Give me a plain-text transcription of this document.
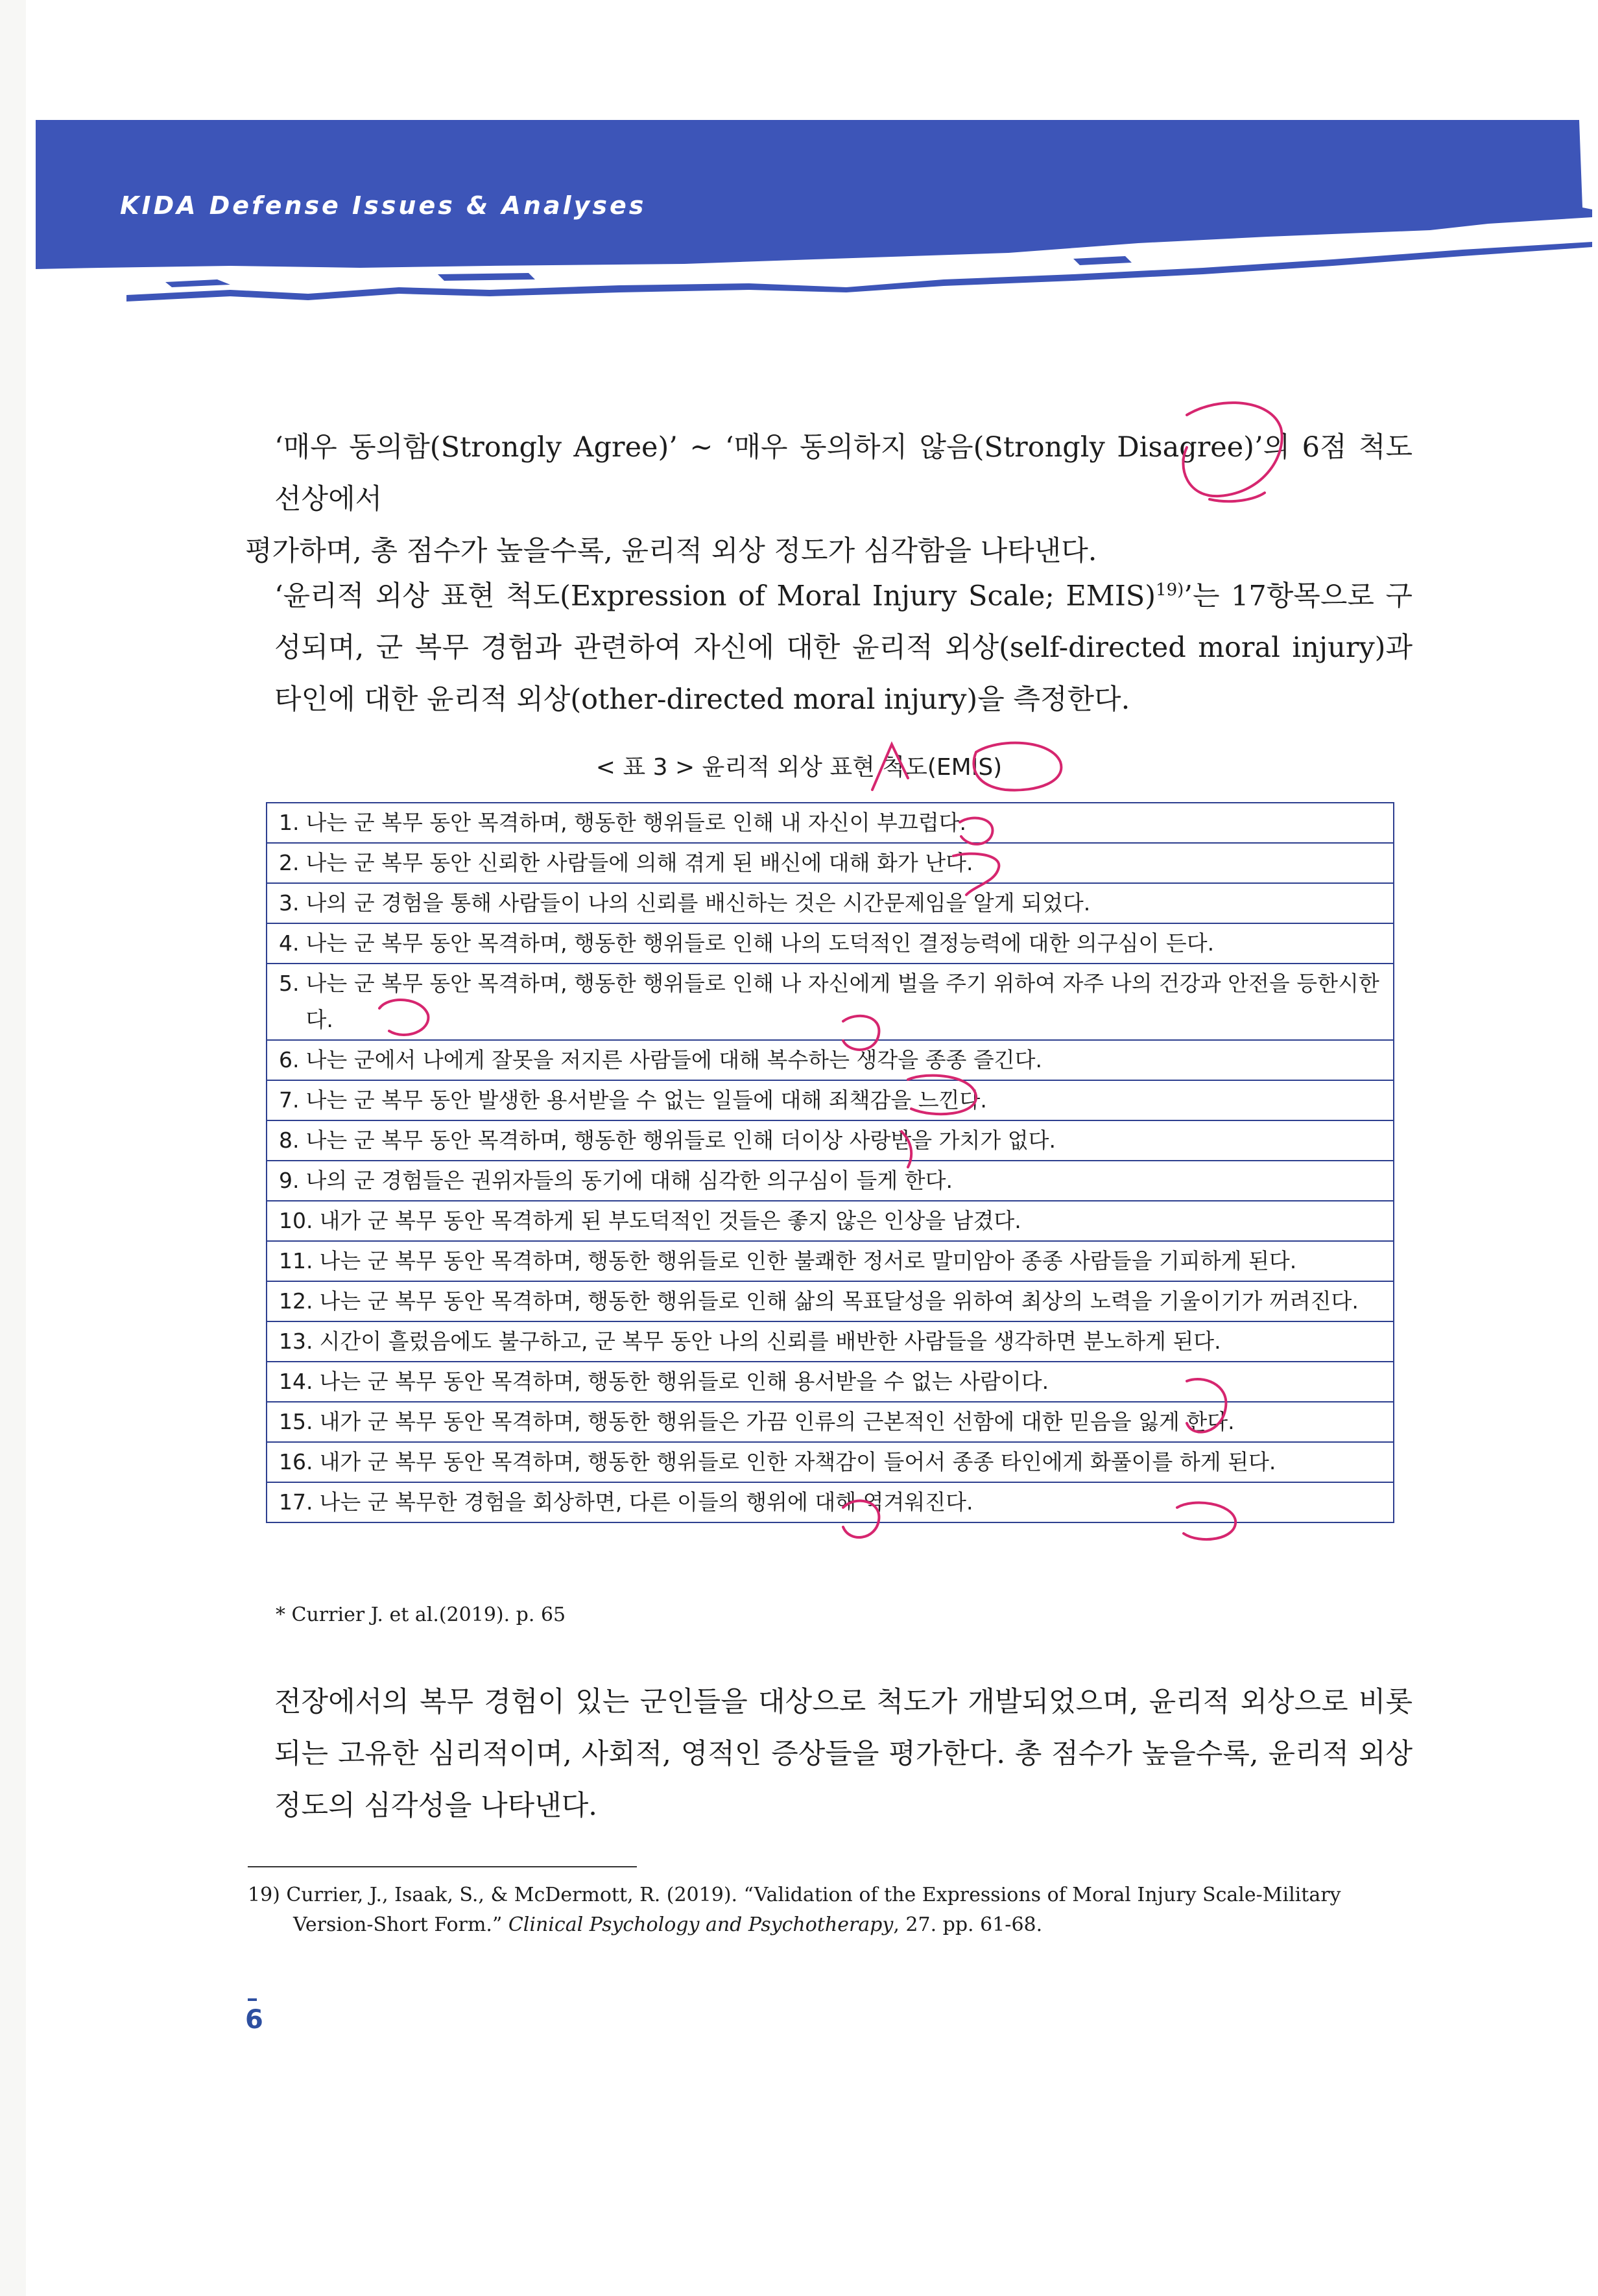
KIDA Defense Issues & Analyses
‘매우 동의함(Strongly Agree)’ ~ ‘매우 동의하지 않음(Strongly Disagree)’의 6점 척도 선상에서
평가하며, 총 점수가 높을수록, 윤리적 외상 정도가 심각함을 나타낸다.
‘윤리적 외상 표현 척도(Expression of Moral Injury Scale; EMIS)$^{19)}$’는 17항목으로 구성되며, 군 복무 경험과 관련하여 자신에 대한 윤리적 외상(self-directed moral injury)과 타인에 대한 윤리적 외상(other-directed moral injury)을 측정한다.
< 표 3 > 윤리적 외상 표현 척도(EMIS)
1. 나는 군 복무 동안 목격하며, 행동한 행위들로 인해 내 자신이 부끄럽다.

2. 나는 군 복무 동안 신뢰한 사람들에 의해 겪게 된 배신에 대해 화가 난다.

3. 나의 군 경험을 통해 사람들이 나의 신뢰를 배신하는 것은 시간문제임을 알게 되었다.

4. 나는 군 복무 동안 목격하며, 행동한 행위들로 인해 나의 도덕적인 결정능력에 대한 의구심이 든다.

5. 나는 군 복무 동안 목격하며, 행동한 행위들로 인해 나 자신에게 벌을 주기 위하여 자주 나의 건강과 안전을 등한시한다.

6. 나는 군에서 나에게 잘못을 저지른 사람들에 대해 복수하는 생각을 종종 즐긴다.

7. 나는 군 복무 동안 발생한 용서받을 수 없는 일들에 대해 죄책감을 느낀다.

8. 나는 군 복무 동안 목격하며, 행동한 행위들로 인해 더이상 사랑받을 가치가 없다.

9. 나의 군 경험들은 권위자들의 동기에 대해 심각한 의구심이 들게 한다.

10. 내가 군 복무 동안 목격하게 된 부도덕적인 것들은 좋지 않은 인상을 남겼다.

11. 나는 군 복무 동안 목격하며, 행동한 행위들로 인한 불쾌한 정서로 말미암아 종종 사람들을 기피하게 된다.

12. 나는 군 복무 동안 목격하며, 행동한 행위들로 인해 삶의 목표달성을 위하여 최상의 노력을 기울이기가 꺼려진다.

13. 시간이 흘렀음에도 불구하고, 군 복무 동안 나의 신뢰를 배반한 사람들을 생각하면 분노하게 된다.

14. 나는 군 복무 동안 목격하며, 행동한 행위들로 인해 용서받을 수 없는 사람이다.

15. 내가 군 복무 동안 목격하며, 행동한 행위들은 가끔 인류의 근본적인 선함에 대한 믿음을 잃게 한다.

16. 내가 군 복무 동안 목격하며, 행동한 행위들로 인한 자책감이 들어서 종종 타인에게 화풀이를 하게 된다.

17. 나는 군 복무한 경험을 회상하면, 다른 이들의 행위에 대해 역겨워진다.
* Currier J. et al.(2019). p. 65
전장에서의 복무 경험이 있는 군인들을 대상으로 척도가 개발되었으며, 윤리적 외상으로 비롯되는 고유한 심리적이며, 사회적, 영적인 증상들을 평가한다. 총 점수가 높을수록, 윤리적 외상 정도의 심각성을 나타낸다.
19) Currier, J., Isaak, S., & McDermott, R. (2019). “Validation of the Expressions of Moral Injury Scale-Military
Version-Short Form.” Clinical Psychology and Psychotherapy, 27. pp. 61-68.
6
